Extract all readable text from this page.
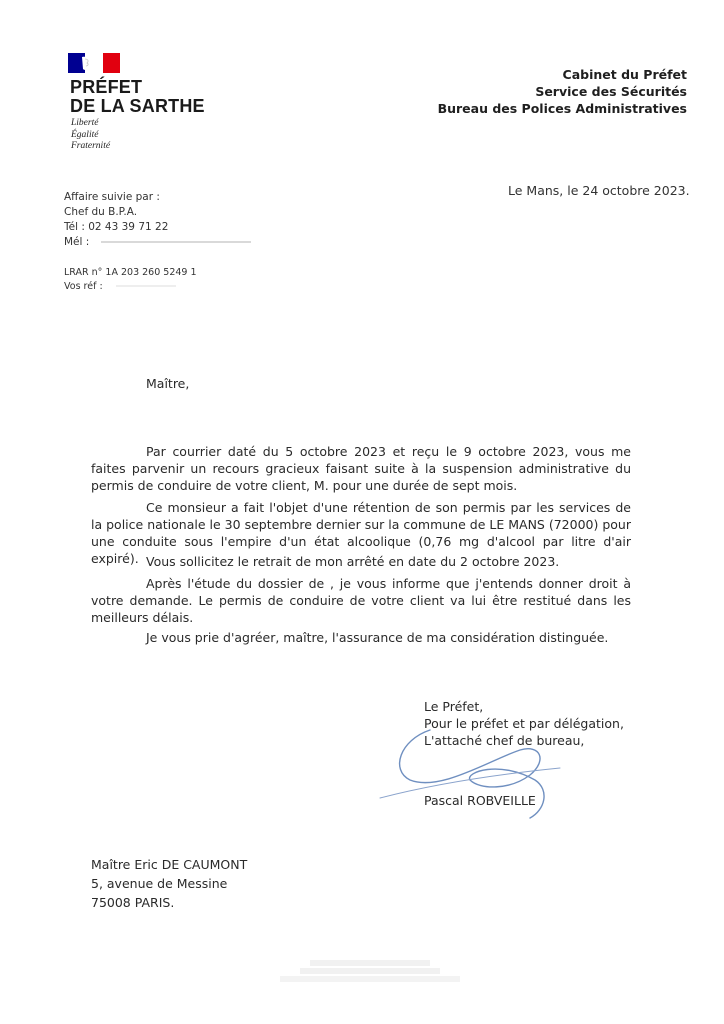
PRÉFET
DE LA SARTHE
Liberté
Égalité
Fraternité
Cabinet du Préfet
Service des Sécurités
Bureau des Polices Administratives
Le Mans, le 24 octobre 2023.
Affaire suivie par :
Chef du B.P.A.
Tél : 02 43 39 71 22
Mél :
LRAR n° 1A 203 260 5249 1
Vos réf :
Maître,
Par courrier daté du 5 octobre 2023 et reçu le 9 octobre 2023, vous me faites parvenir un recours gracieux faisant suite à la suspension administrative du permis de conduire de votre client, M. pour une durée de sept mois.
Ce monsieur a fait l'objet d'une rétention de son permis par les services de la police nationale le 30 septembre dernier sur la commune de LE MANS (72000) pour une conduite sous l'empire d'un état alcoolique (0,76 mg d'alcool par litre d'air expiré). Vous sollicitez le retrait de mon arrêté en date du 2 octobre 2023.
Après l'étude du dossier de , je vous informe que j'entends donner droit à votre demande. Le permis de conduire de votre client va lui être restitué dans les meilleurs délais.
Je vous prie d'agréer, maître, l'assurance de ma considération distinguée.
Le Préfet,
Pour le préfet et par délégation,
L'attaché chef de bureau,
Pascal ROBVEILLE
Maître Eric DE CAUMONT
5, avenue de Messine
75008 PARIS.
